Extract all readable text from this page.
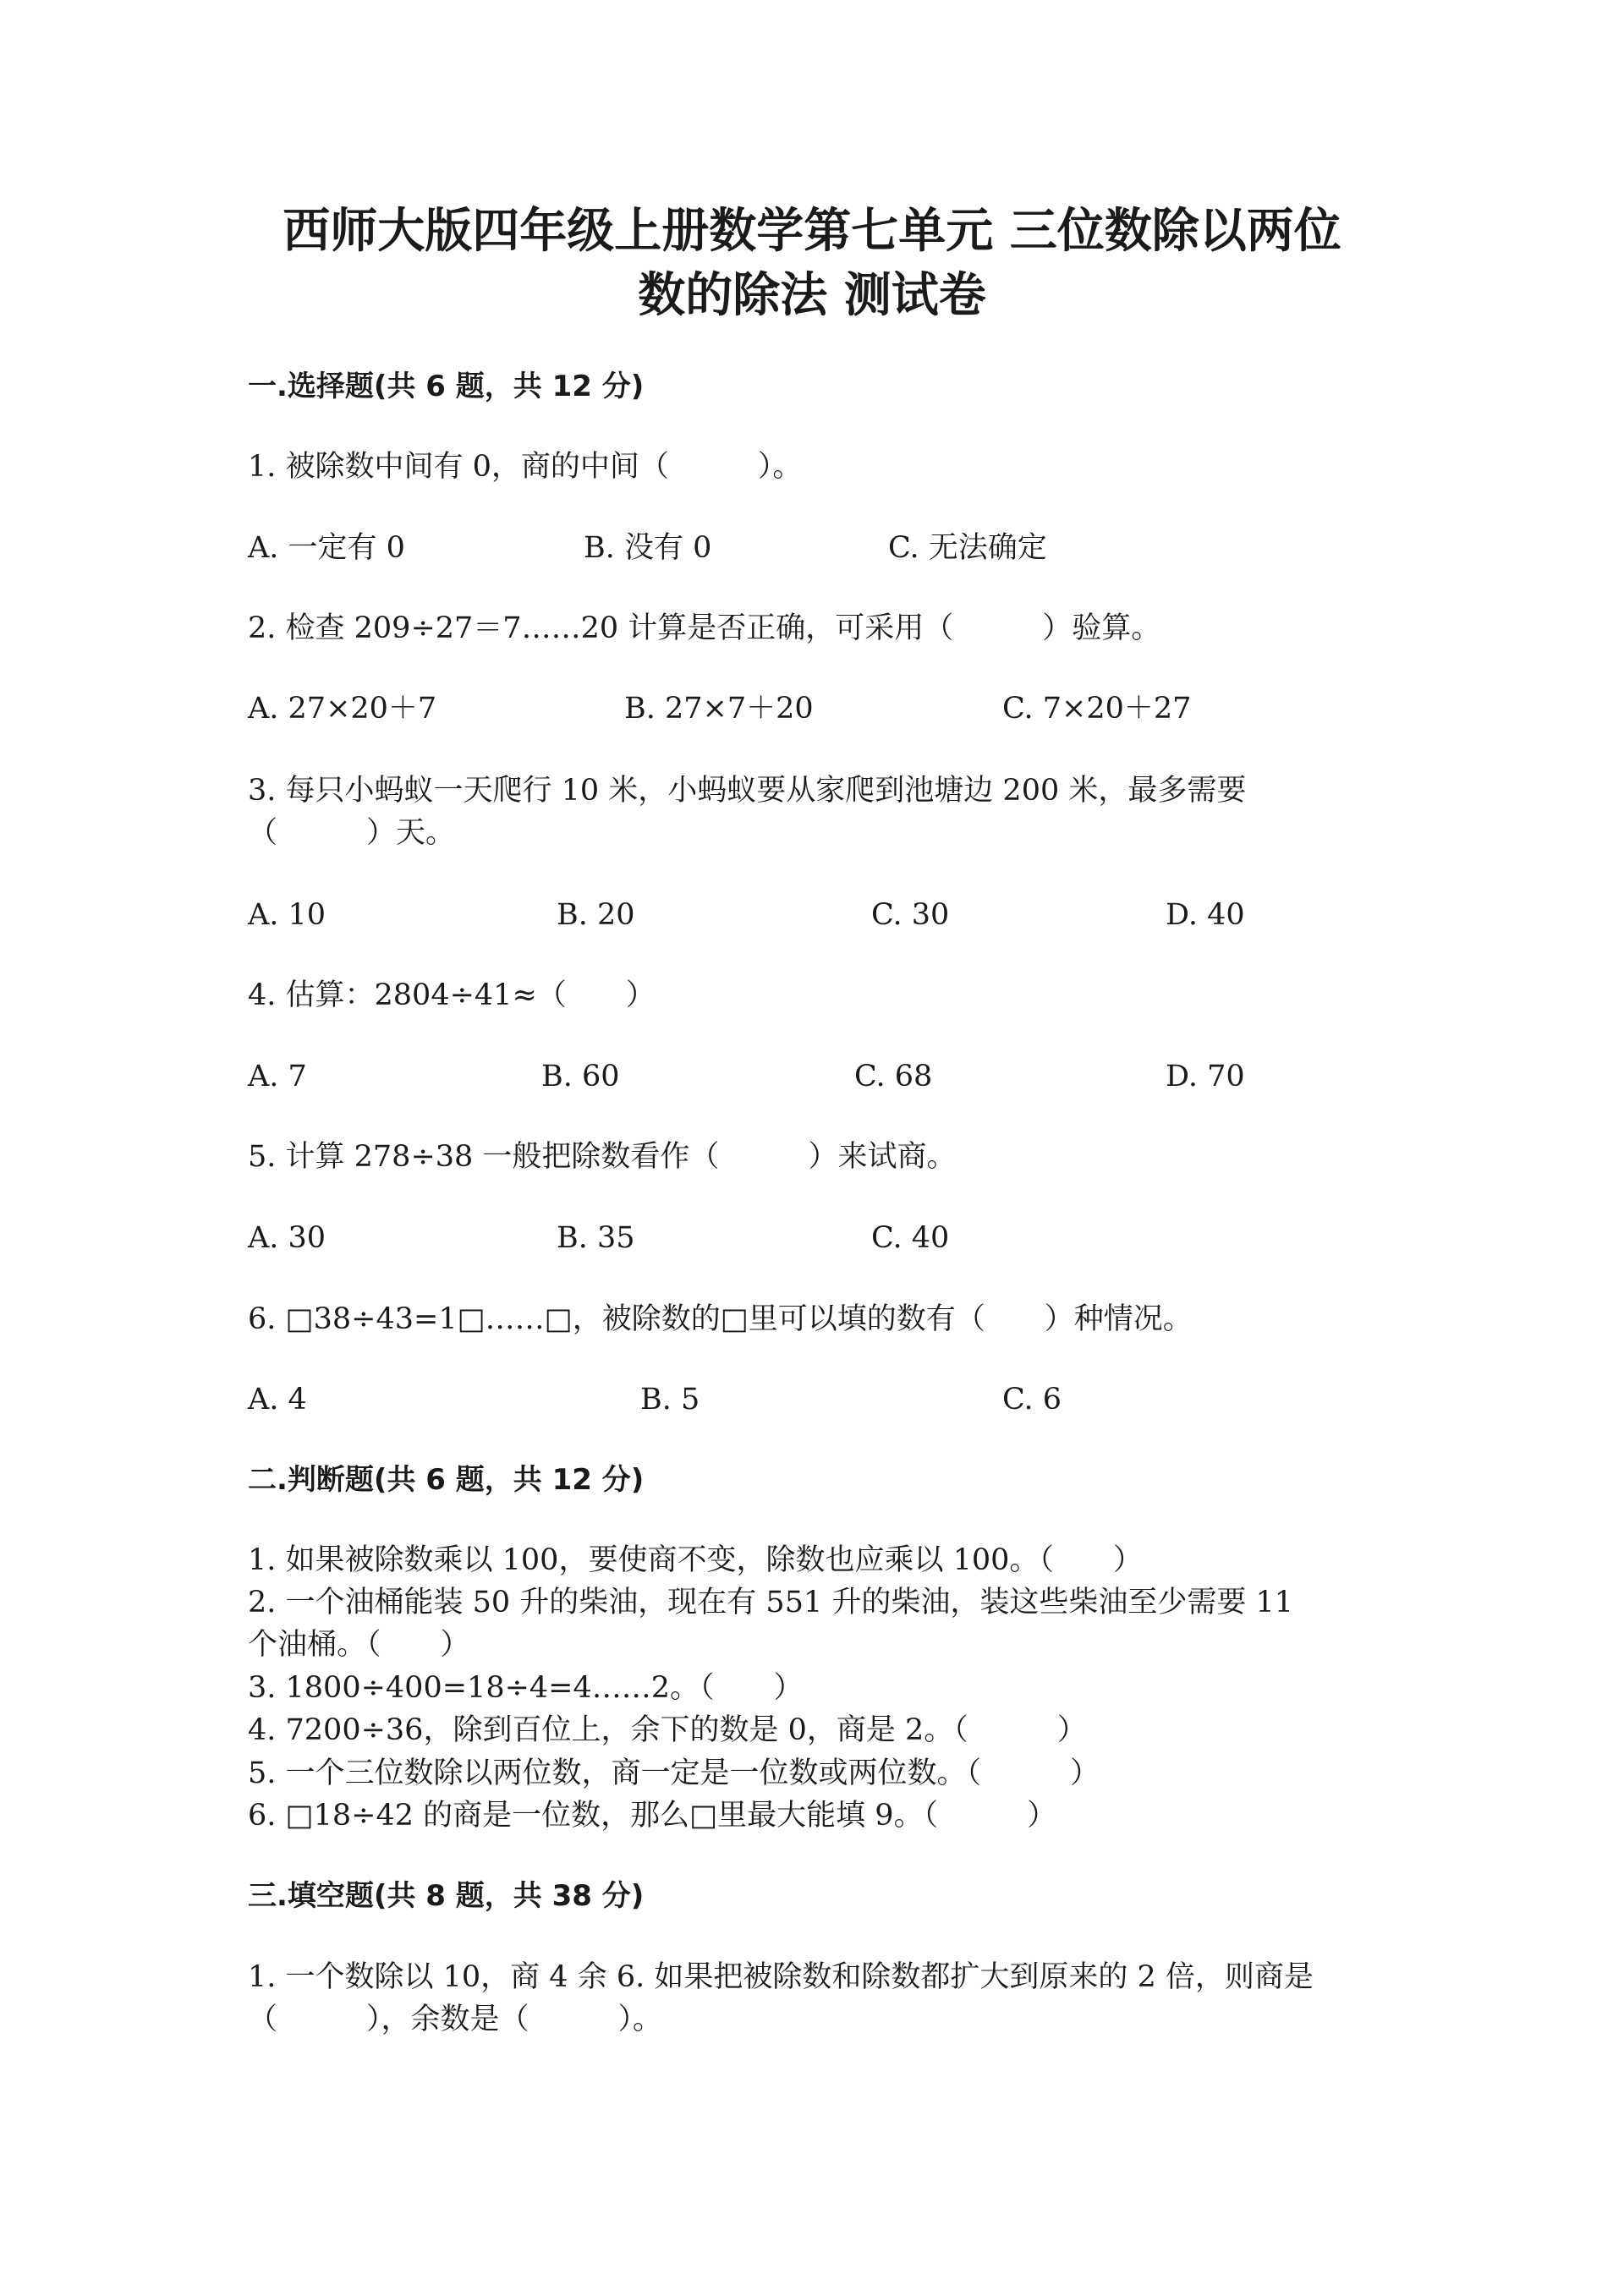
西师大版四年级上册数学第七单元 三位数除以两位
数的除法 测试卷
一.选择题(共 6 题，共 12 分)
1. 被除数中间有 0，商的中间（　　　）。
A. 一定有 0	B. 没有 0	C. 无法确定
2. 检查 209÷27＝7……20 计算是否正确，可采用（　　　）验算。
A. 27×20＋7	B. 27×7＋20	C. 7×20＋27
3. 每只小蚂蚁一天爬行 10 米，小蚂蚁要从家爬到池塘边 200 米，最多需要
（　　　）天。
A. 10	B. 20	C. 30	D. 40
4. 估算：2804÷41≈（　　）
A. 7	B. 60	C. 68	D. 70
5. 计算 278÷38 一般把除数看作（　　　）来试商。
A. 30	B. 35	C. 40
6. □38÷43=1□……□，被除数的□里可以填的数有（　　）种情况。
A. 4	B. 5	C. 6
二.判断题(共 6 题，共 12 分)
1. 如果被除数乘以 100，要使商不变，除数也应乘以 100。（　　）
2. 一个油桶能装 50 升的柴油，现在有 551 升的柴油，装这些柴油至少需要 11
个油桶。（　　）
3. 1800÷400=18÷4=4……2。（　　）
4. 7200÷36，除到百位上，余下的数是 0，商是 2。（　　　）
5. 一个三位数除以两位数，商一定是一位数或两位数。（　　　）
6. □18÷42 的商是一位数，那么□里最大能填 9。（　　　）
三.填空题(共 8 题，共 38 分)
1. 一个数除以 10，商 4 余 6. 如果把被除数和除数都扩大到原来的 2 倍，则商是
（　　　），余数是（　　　）。
